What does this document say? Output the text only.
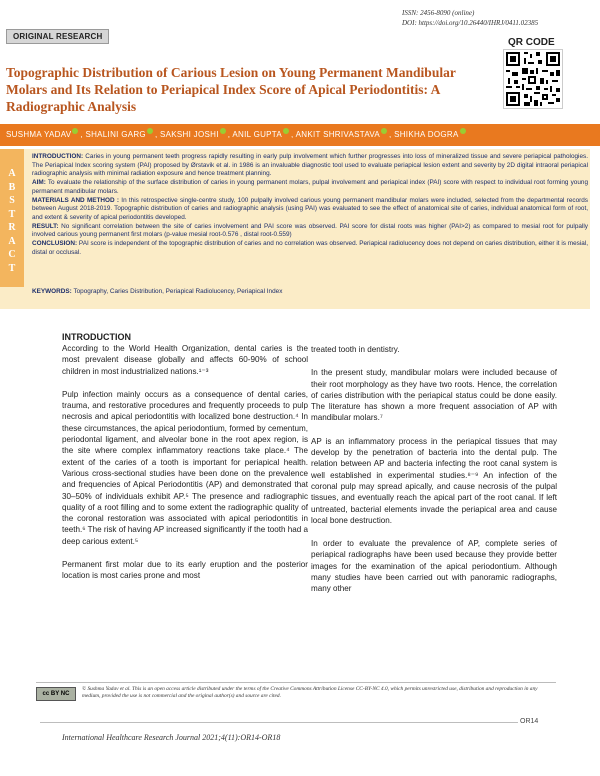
ISSN: 2456-8090 (online)
DOI: https://doi.org/10.26440/IHRJ/0411.02385
ORIGINAL RESEARCH
QR CODE
Topographic Distribution of Carious Lesion on Young Permanent Mandibular Molars and Its Relation to Periapical Index Score of Apical Periodontitis: A Radiographic Analysis
SUSHMA YADAV , SHALINI GARG , SAKSHI JOSHI , ANIL GUPTA , ANKIT SHRIVASTAVA , SHIKHA DOGRA
A
B
S
T
R
A
C
T

INTRODUCTION: Caries in young permanent teeth progress rapidly resulting in early pulp involvement which further progresses into loss of mineralized tissue and severe periapical pathologies. The Periapical Index scoring system (PAI) proposed by Ørstavik et al. in 1986 is an invaluable diagnostic tool used to evaluate periapical lesion extent and severity by 2D digital intraoral periapical radiographic analysis with minimal radiation exposure and hence treatment planning.

AIM: To evaluate the relationship of the surface distribution of caries in young permanent molars, pulpal involvement and periapical index (PAI) score with respect to individual root forming young permanent mandibular molars.

MATERIALS AND METHOD : In this retrospective single-centre study, 100 pulpally involved carious young permanent mandibular molars were included, selected from the departmental records between August 2018-2019. Topographic distribution of caries and radiographic analysis (using PAI) was evaluated to see the effect of anatomical site of caries, individual anatomical form of root, and extent & severity of apical periodontitis developed.

RESULT: No significant correlation between the site of caries involvement and PAI score was observed. PAI score for distal roots was higher (PAI>2) as compared to mesial root for pulpally involved carious young permanent first molars (p-value mesial root-0.576 , distal root-0.559)

CONCLUSION: PAI score is independent of the topographic distribution of caries and no correlation was observed. Periapical radiolucency does not depend on caries distribution, either it is mesial, distal or occlusal.

KEYWORDS: Topography, Caries Distribution, Periapical Radiolucency, Periapical Index
INTRODUCTION

According to the World Health Organization, dental caries is the most prevalent disease globally and affects 60-90% of school children in most industrialized nations.¹⁻³

Pulp infection mainly occurs as a consequence of dental caries, trauma, and restorative procedures and frequently proceeds to pulp necrosis and apical periodontitis with localized bone destruction.⁴ In these circumstances, the apical periodontium, formed by cementum, periodontal ligament, and alveolar bone in the root apex region, is the site where complex inflammatory reactions take place.⁴ The extent of the caries of a tooth is important for periapical health. Various cross-sectional studies have been done on the prevalence and frequencies of Apical Periodontitis (AP) and demonstrated that 30–50% of individuals exhibit AP.⁵ The presence and radiographic quality of a root filling and to some extent the radiographic quality of the coronal restoration was associated with apical periodontitis in teeth.⁶ The risk of having AP increased significantly if the tooth had a deep carious extent.⁵

Permanent first molar due to its early eruption and the posterior location is most caries prone and most

treated tooth in dentistry.

In the present study, mandibular molars were included because of their root morphology as they have two roots. Hence, the correlation of caries distribution with the periapical status could be done easily. The literature has shown a more frequent association of AP with mandibular molars.⁷

AP is an inflammatory process in the periapical tissues that may develop by the penetration of bacteria into the dental pulp. The relation between AP and bacteria infecting the root canal system is well established in experimental studies.⁸⁻⁹ An infection of the coronal pulp may spread apically, and cause necrosis of the pulpal tissues, and eventually reach the apical part of the root canal. If left untreated, bacterial elements invade the periapical area and cause local bone destruction.

In order to evaluate the prevalence of AP, complete series of periapical radiographs have been used because they provide better images for the examination of the apical periodontium. Although many studies have been carried out with panoramic radiographs, many other

cc BY NC
© Sushma Yadav et al. This is an open access article distributed under the terms of the Creative Commons Attribution License CC-BY-NC 4.0, which permits unrestricted use, distribution and reproduction in any medium, provided the use is not commercial and the original author(s) and source are cited.
OR14
International Healthcare Research Journal 2021;4(11):OR14-OR18
